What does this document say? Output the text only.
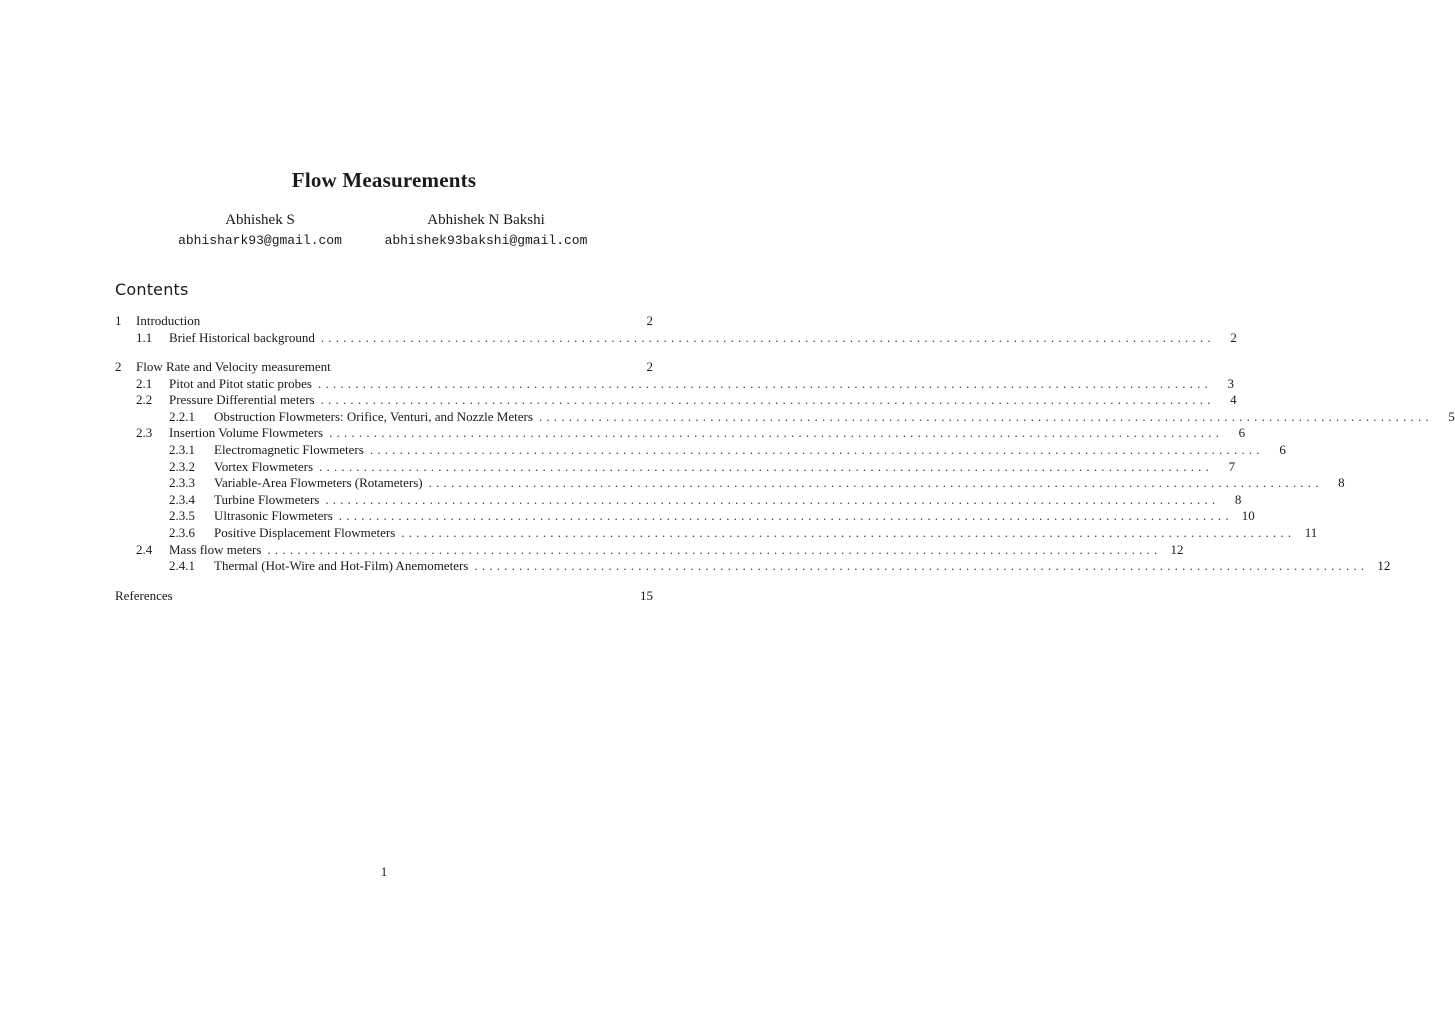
Flow Measurements
Abhishek S
abhishark93@gmail.com
Abhishek N Bakshi
abhishek93bakshi@gmail.com
Contents
1	Introduction	2
1.1	Brief Historical background ........................................................................................................................	2
2	Flow Rate and Velocity measurement	2
2.1	Pitot and Pitot static probes ........................................................................................................................	3
2.2	Pressure Differential meters ........................................................................................................................	4
2.2.1	Obstruction Flowmeters: Orifice, Venturi, and Nozzle Meters ........................................................................................................................	5
2.3	Insertion Volume Flowmeters ........................................................................................................................	6
2.3.1	Electromagnetic Flowmeters ........................................................................................................................	6
2.3.2	Vortex Flowmeters ........................................................................................................................	7
2.3.3	Variable-Area Flowmeters (Rotameters) ........................................................................................................................	8
2.3.4	Turbine Flowmeters ........................................................................................................................	8
2.3.5	Ultrasonic Flowmeters ........................................................................................................................ 10
2.3.6	Positive Displacement Flowmeters ........................................................................................................................ 11
2.4	Mass flow meters ........................................................................................................................ 12
2.4.1	Thermal (Hot-Wire and Hot-Film) Anemometers ........................................................................................................................ 12
References	15
1
